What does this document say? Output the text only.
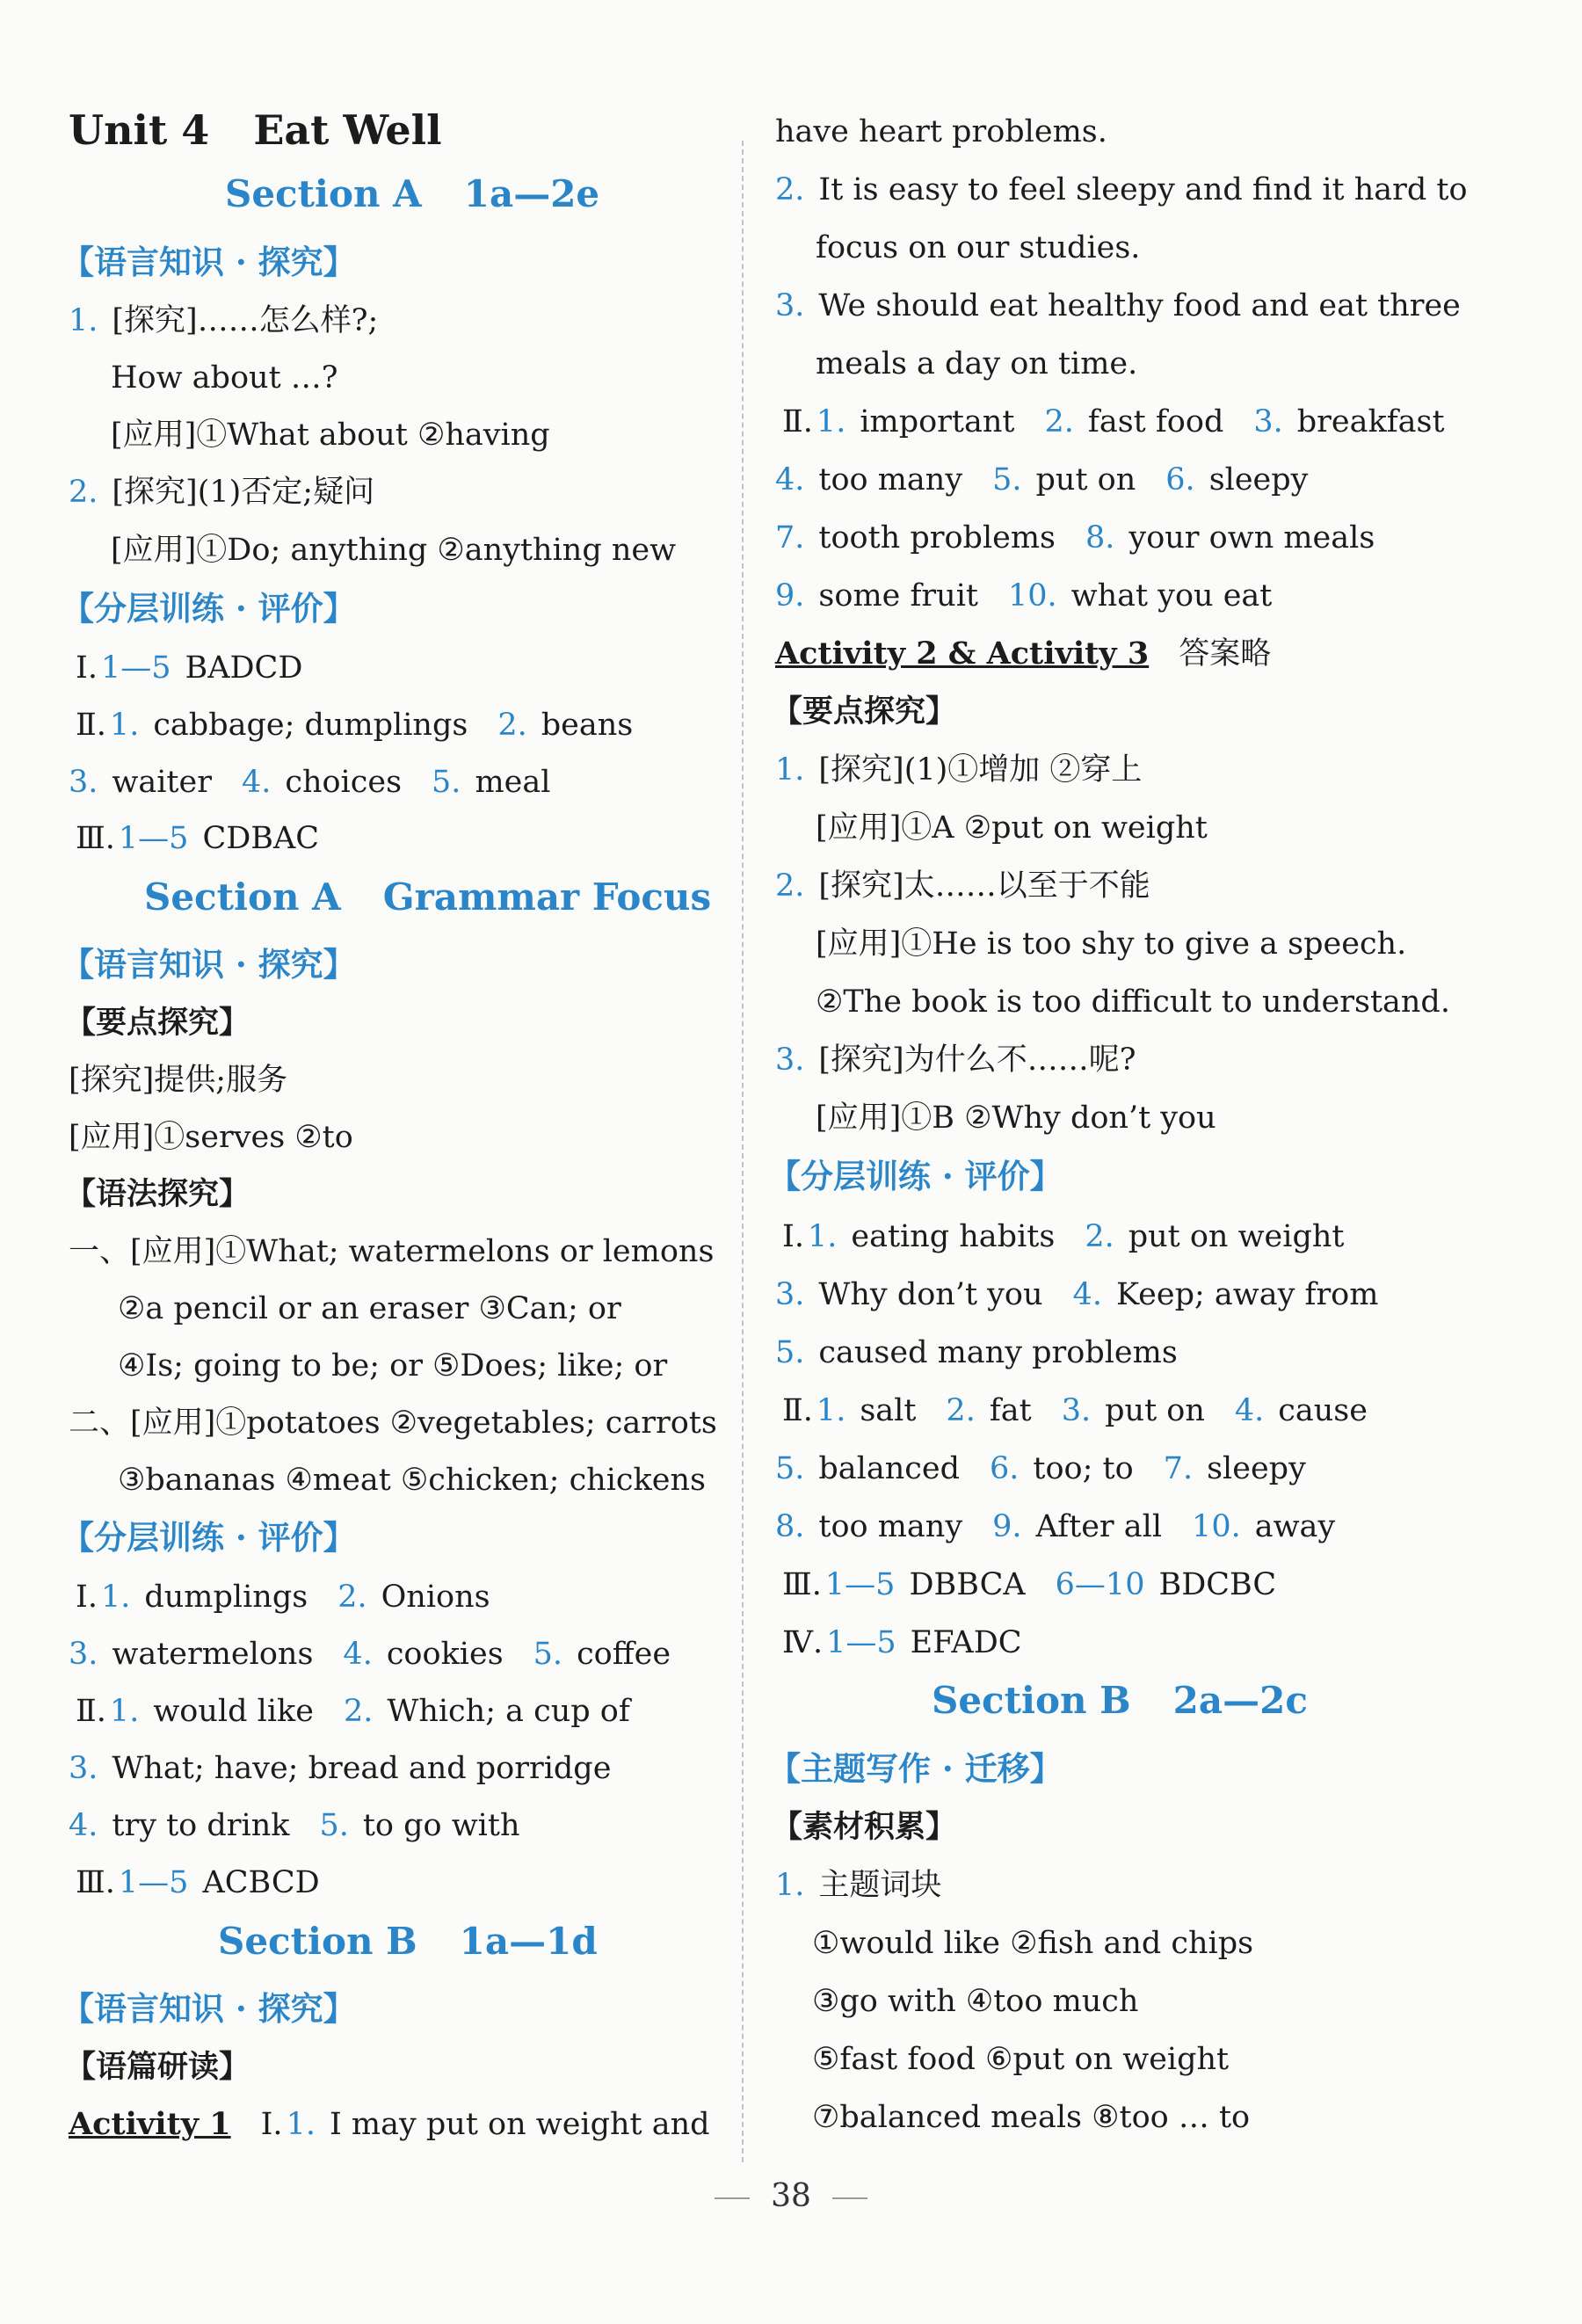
Unit 4 Eat Well
Section A 1a—2e
【语言知识 · 探究】
1. [探究]……怎么样?;
How about …?
[应用]①What about ②having
2. [探究](1)否定;疑问
[应用]①Do; anything ②anything new
【分层训练 · 评价】
Ⅰ. 1—5 BADCD
Ⅱ. 1. cabbage; dumplings 2. beans
3. waiter 4. choices 5. meal
Ⅲ. 1—5 CDBAC
Section A Grammar Focus
【语言知识 · 探究】
【要点探究】
[探究]提供;服务
[应用]①serves ②to
【语法探究】
一、[应用]①What; watermelons or lemons
②a pencil or an eraser ③Can; or
④Is; going to be; or ⑤Does; like; or
二、[应用]①potatoes ②vegetables; carrots
③bananas ④meat ⑤chicken; chickens
【分层训练 · 评价】
Ⅰ. 1. dumplings 2. Onions
3. watermelons 4. cookies 5. coffee
Ⅱ. 1. would like 2. Which; a cup of
3. What; have; bread and porridge
4. try to drink 5. to go with
Ⅲ. 1—5 ACBCD
Section B 1a—1d
【语言知识 · 探究】
【语篇研读】
Activity 1 Ⅰ. 1. I may put on weight and
have heart problems.
2. It is easy to feel sleepy and find it hard to
focus on our studies.
3. We should eat healthy food and eat three
meals a day on time.
Ⅱ. 1. important 2. fast food 3. breakfast
4. too many 5. put on 6. sleepy
7. tooth problems 8. your own meals
9. some fruit 10. what you eat
Activity 2 & Activity 3 答案略
【要点探究】
1. [探究](1)①增加 ②穿上
[应用]①A ②put on weight
2. [探究]太……以至于不能
[应用]①He is too shy to give a speech.
②The book is too difficult to understand.
3. [探究]为什么不……呢?
[应用]①B ②Why don’t you
【分层训练 · 评价】
Ⅰ. 1. eating habits 2. put on weight
3. Why don’t you 4. Keep; away from
5. caused many problems
Ⅱ. 1. salt 2. fat 3. put on 4. cause
5. balanced 6. too; to 7. sleepy
8. too many 9. After all 10. away
Ⅲ. 1—5 DBBCA 6—10 BDCBC
Ⅳ. 1—5 EFADC
Section B 2a—2c
【主题写作 · 迁移】
【素材积累】
1. 主题词块
①would like ②fish and chips
③go with ④too much
⑤fast food ⑥put on weight
⑦balanced meals ⑧too … to
38
